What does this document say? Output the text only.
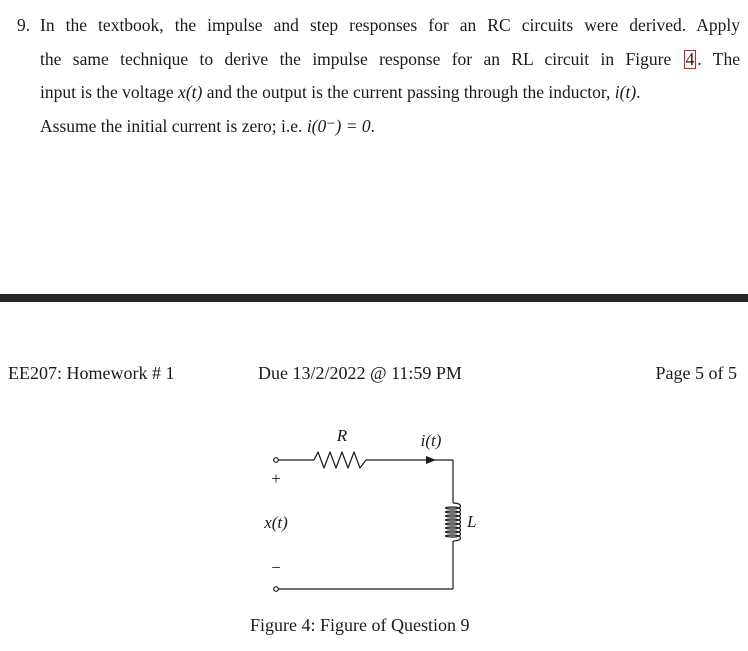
9. In the textbook, the impulse and step responses for an RC circuits were derived. Apply
the same technique to derive the impulse response for an RL circuit in Figure 4 . The
input is the voltage x(t) and the output is the current passing through the inductor, i(t).
Assume the initial current is zero; i.e. i(0⁻) = 0.
EE207: Homework # 1	Due 13/2/2022 @ 11:59 PM	Page 5 of 5
R	i(t)
L
+
x(t)
−
Figure 4: Figure of Question 9
